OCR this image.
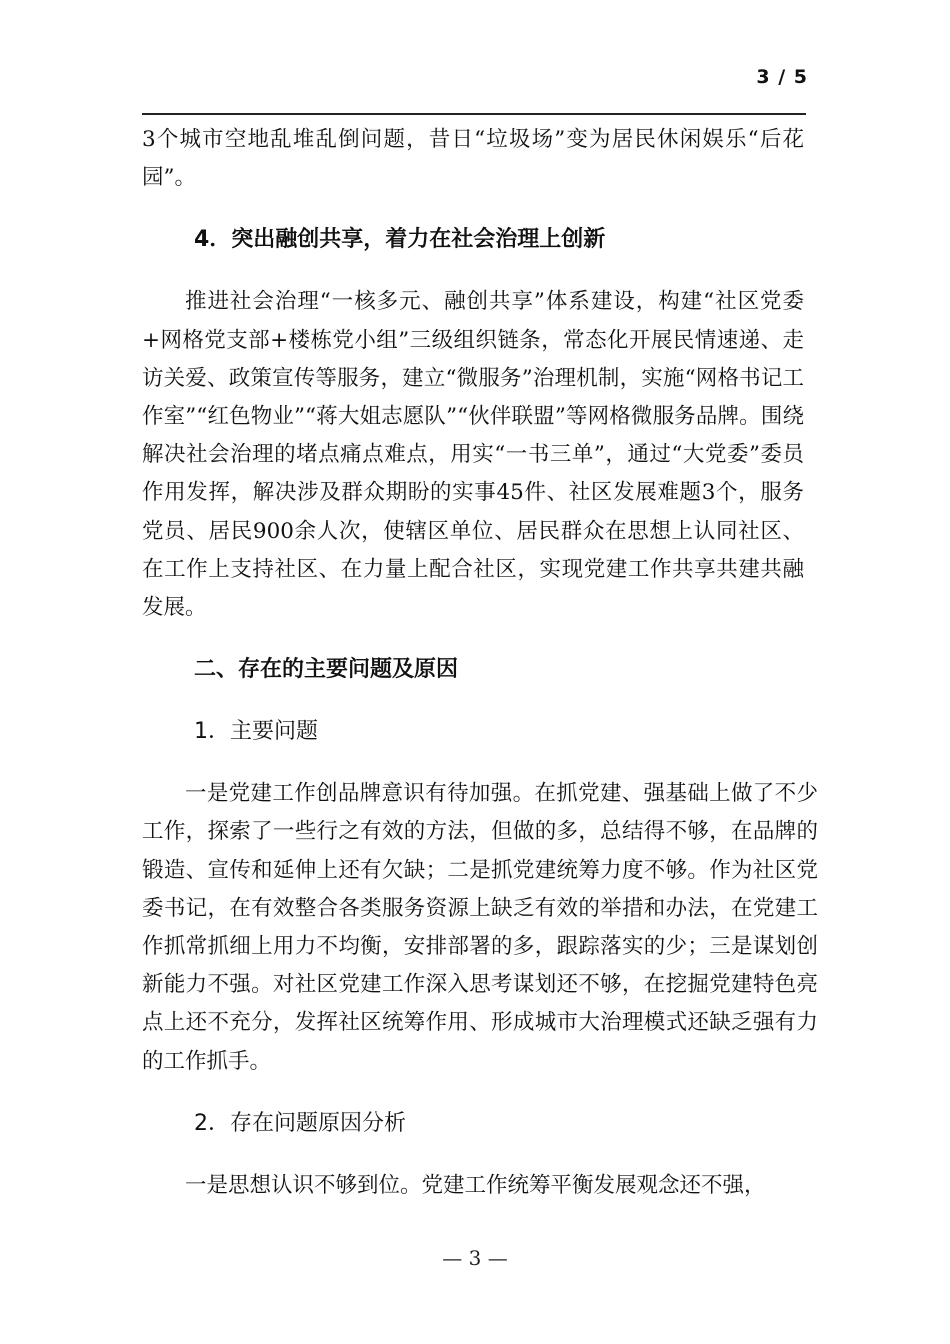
3 / 5

3个城市空地乱堆乱倒问题，昔日“垃圾场”变为居民休闲娱乐“后花园”。

4．突出融创共享，着力在社会治理上创新

推进社会治理“一核多元、融创共享”体系建设，构建“社区党委+网格党支部+楼栋党小组”三级组织链条，常态化开展民情速递、走访关爱、政策宣传等服务，建立“微服务”治理机制，实施“网格书记工作室”“红色物业”“蒋大姐志愿队”“伙伴联盟”等网格微服务品牌。围绕解决社会治理的堵点痛点难点，用实“一书三单”，通过“大党委”委员作用发挥，解决涉及群众期盼的实事45件、社区发展难题3个，服务党员、居民900余人次，使辖区单位、居民群众在思想上认同社区、在工作上支持社区、在力量上配合社区，实现党建工作共享共建共融发展。

二、存在的主要问题及原因

1．主要问题

一是党建工作创品牌意识有待加强。在抓党建、强基础上做了不少工作，探索了一些行之有效的方法，但做的多，总结得不够，在品牌的锻造、宣传和延伸上还有欠缺；二是抓党建统筹力度不够。作为社区党委书记，在有效整合各类服务资源上缺乏有效的举措和办法，在党建工作抓常抓细上用力不均衡，安排部署的多，跟踪落实的少；三是谋划创新能力不强。对社区党建工作深入思考谋划还不够，在挖掘党建特色亮点上还不充分，发挥社区统筹作用、形成城市大治理模式还缺乏强有力的工作抓手。

2．存在问题原因分析

一是思想认识不够到位。党建工作统筹平衡发展观念还不强，

— 3 —
